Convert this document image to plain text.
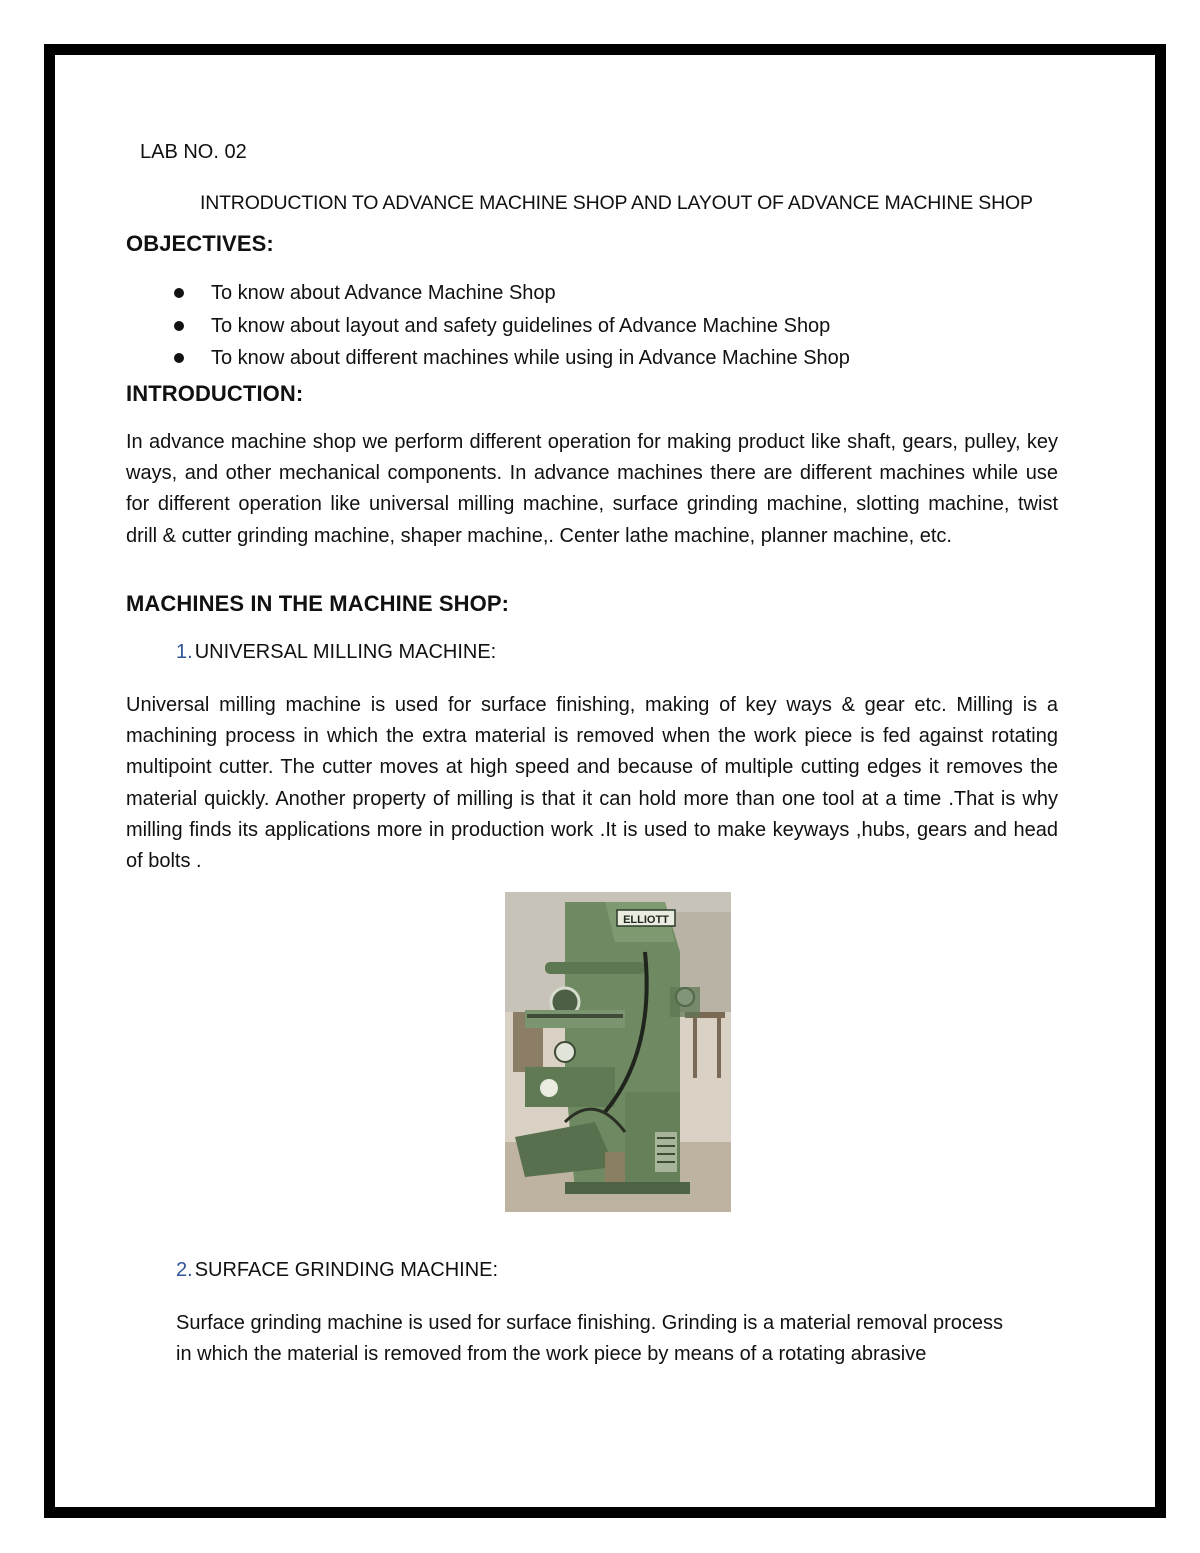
LAB NO. 02

INTRODUCTION TO ADVANCE MACHINE SHOP AND LAYOUT OF ADVANCE MACHINE SHOP

OBJECTIVES:
To know about Advance Machine Shop
To know about layout and safety guidelines of Advance Machine Shop
To know about different machines while using in Advance Machine Shop
INTRODUCTION:

In advance machine shop we perform different operation for making product like shaft, gears, pulley, key ways, and other mechanical components. In advance machines there are different machines while use for different operation like universal milling machine, surface grinding machine, slotting machine, twist drill & cutter grinding machine, shaper machine,. Center lathe machine, planner machine, etc.

MACHINES IN THE MACHINE SHOP:

1. UNIVERSAL MILLING MACHINE:

Universal milling machine is used for surface finishing, making of key ways & gear etc. Milling is a machining process in which the extra material is removed when the work piece is fed against rotating multipoint cutter. The cutter moves at high speed and because of multiple cutting edges it removes the material quickly. Another property of milling is that it can hold more than one tool at a time .That is why milling finds its applications more in production work .It is used to make keyways ,hubs, gears and head of bolts .

ELLIOTT

2. SURFACE GRINDING MACHINE:

Surface grinding machine is used for surface finishing. Grinding is a material removal process in which the material is removed from the work piece by means of a rotating abrasive
